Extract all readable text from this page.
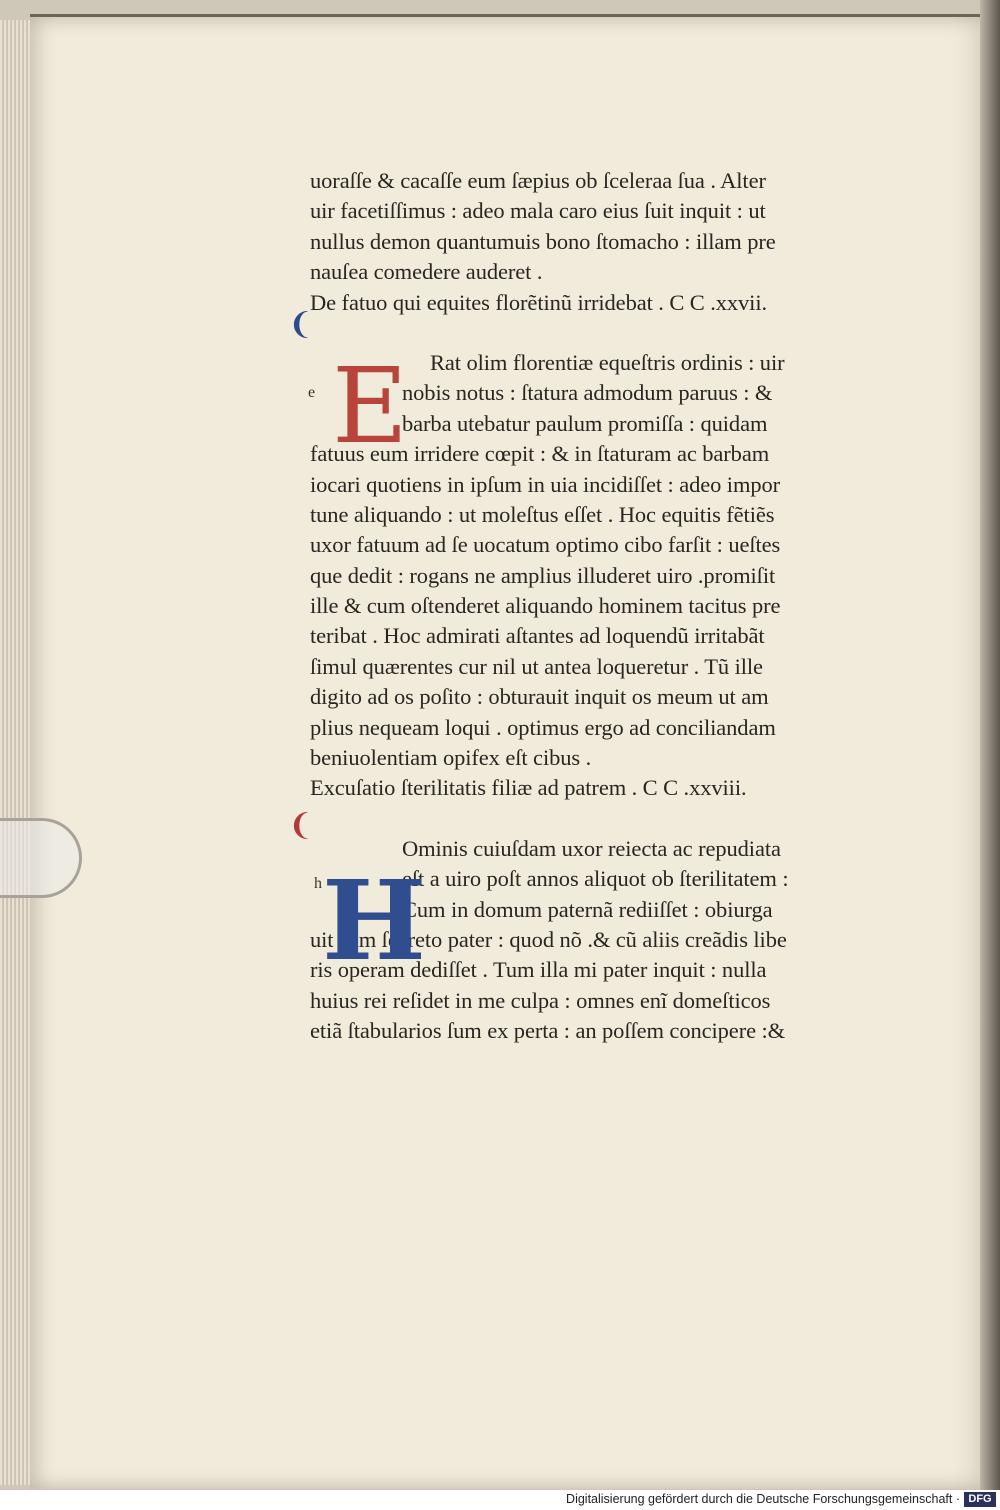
❨
❨
uoraſſe & cacaſſe eum ſæpius ob ſceleraa ſua . Alter
uir facetiſſimus : adeo mala caro eius ſuit inquit : ut
nullus demon quantumuis bono ſtomacho : illam pre
nauſea comedere auderet .
De fatuo qui equites florẽtinũ irridebat . C C .xxvii.
e E Rat olim florentiæ equeſtris ordinis : uir
nobis notus : ſtatura admodum paruus : &
barba utebatur paulum promiſſa : quidam
fatuus eum irridere cœpit : & in ſtaturam ac barbam
iocari quotiens in ipſum in uia incidiſſet : adeo impor
tune aliquando : ut moleſtus eſſet . Hoc equitis fẽtiẽs
uxor fatuum ad ſe uocatum optimo cibo farſit : ueſtes
que dedit : rogans ne amplius illuderet uiro .promiſit
ille & cum oſtenderet aliquando hominem tacitus pre
teribat . Hoc admirati aſtantes ad loquendũ irritabãt
ſimul quærentes cur nil ut antea loqueretur . Tũ ille
digito ad os poſito : obturauit inquit os meum ut am
plius nequeam loqui . optimus ergo ad conciliandam
beniuolentiam opifex eſt cibus .
Excuſatio ſterilitatis filiæ ad patrem . C C .xxviii.
h H
Ominis cuiuſdam uxor reiecta ac repudiata
eſt a uiro poſt annos aliquot ob ſterilitatem :
Cum in domum paternã rediiſſet : obiurga
uit eam ſecreto pater : quod nõ .& cũ aliis creãdis libe
ris operam dediſſet . Tum illa mi pater inquit : nulla
huius rei reſidet in me culpa : omnes enĩ domeſticos
etiã ſtabularios ſum ex perta : an poſſem concipere :&
Digitalisierung gefördert durch die Deutsche Forschungsgemeinschaft · DFG
